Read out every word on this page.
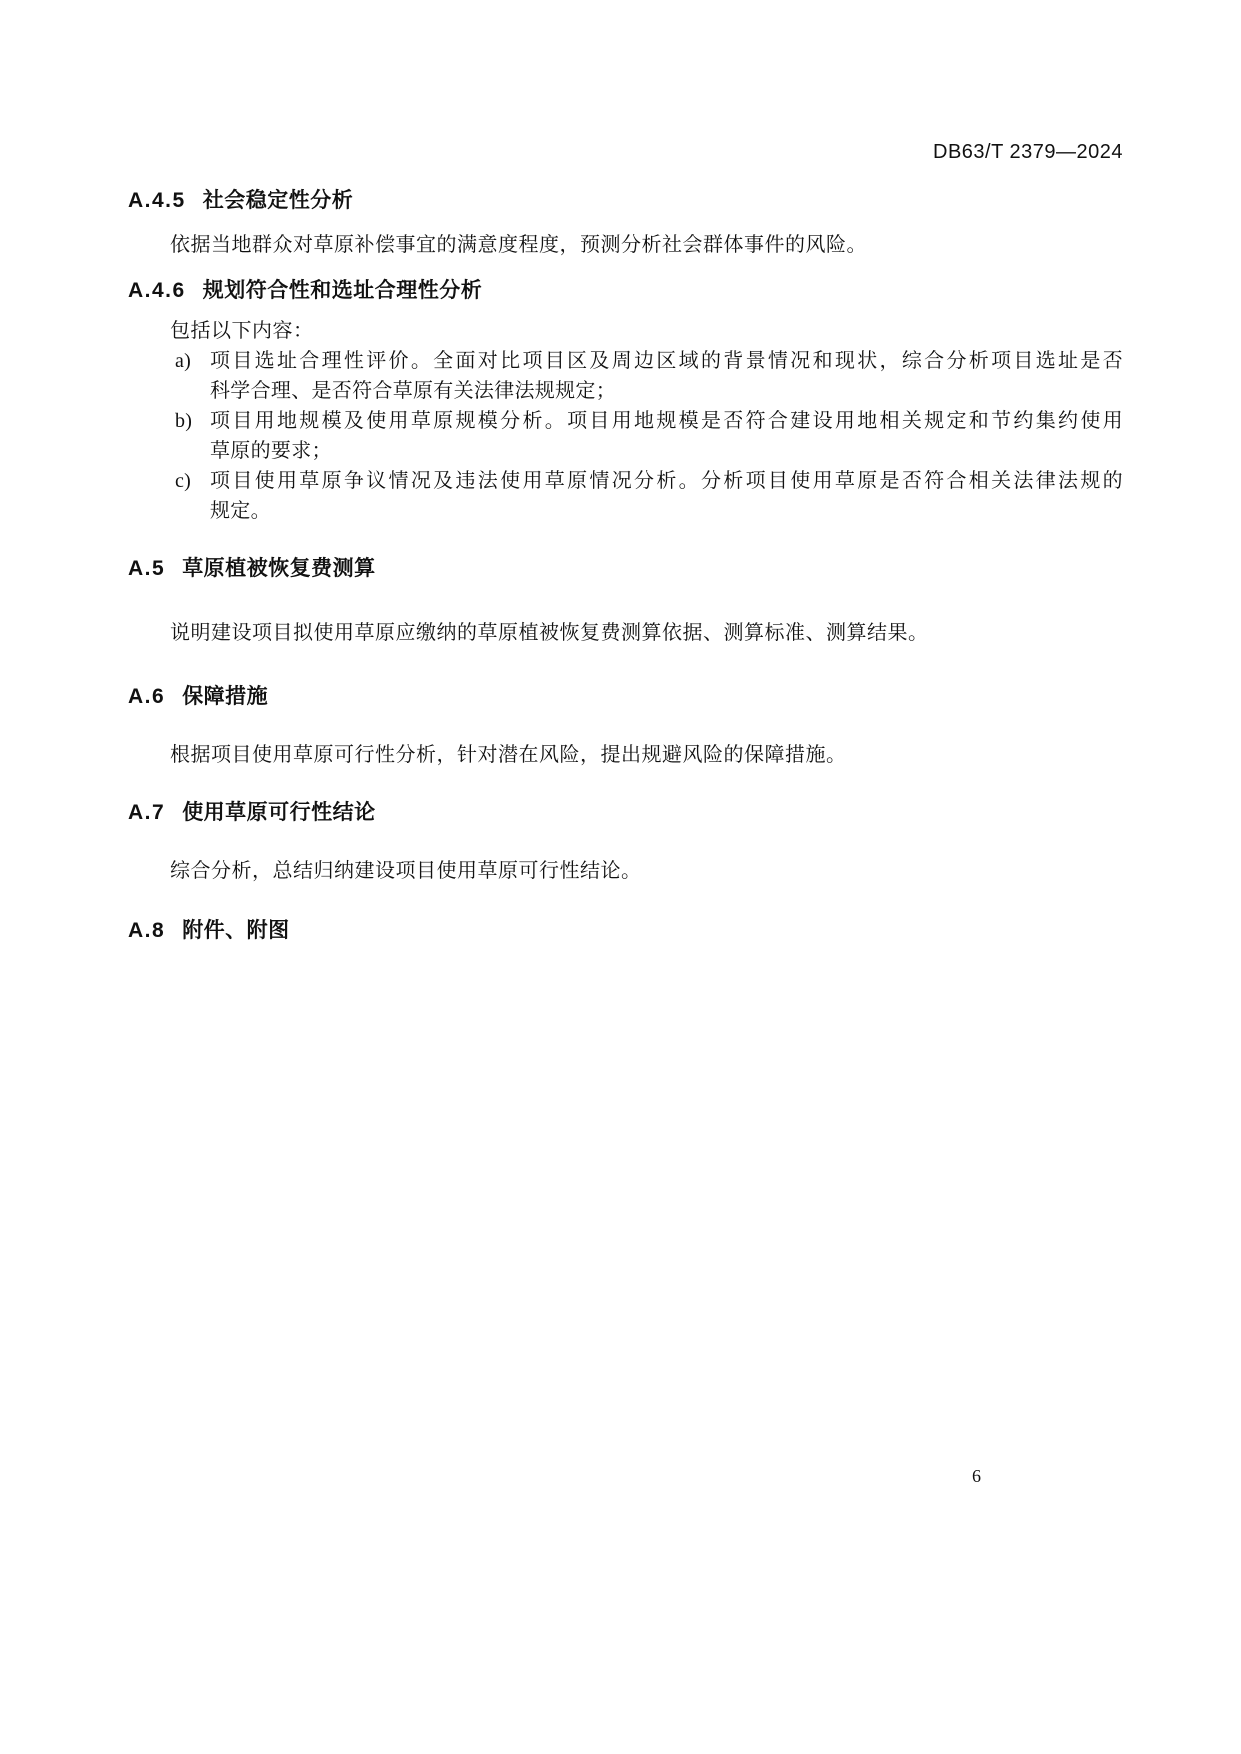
DB63/T 2379—2024
A.4.5 社会稳定性分析

依据当地群众对草原补偿事宜的满意度程度，预测分析社会群体事件的风险。

A.4.6 规划符合性和选址合理性分析

包括以下内容：

a) 项目选址合理性评价。全面对比项目区及周边区域的背景情况和现状，综合分析项目选址是否
科学合理、是否符合草原有关法律法规规定；
b) 项目用地规模及使用草原规模分析。项目用地规模是否符合建设用地相关规定和节约集约使用
草原的要求；
c) 项目使用草原争议情况及违法使用草原情况分析。分析项目使用草原是否符合相关法律法规的
规定。
A.5 草原植被恢复费测算

说明建设项目拟使用草原应缴纳的草原植被恢复费测算依据、测算标准、测算结果。

A.6 保障措施

根据项目使用草原可行性分析，针对潜在风险，提出规避风险的保障措施。

A.7 使用草原可行性结论

综合分析，总结归纳建设项目使用草原可行性结论。

A.8 附件、附图
6
